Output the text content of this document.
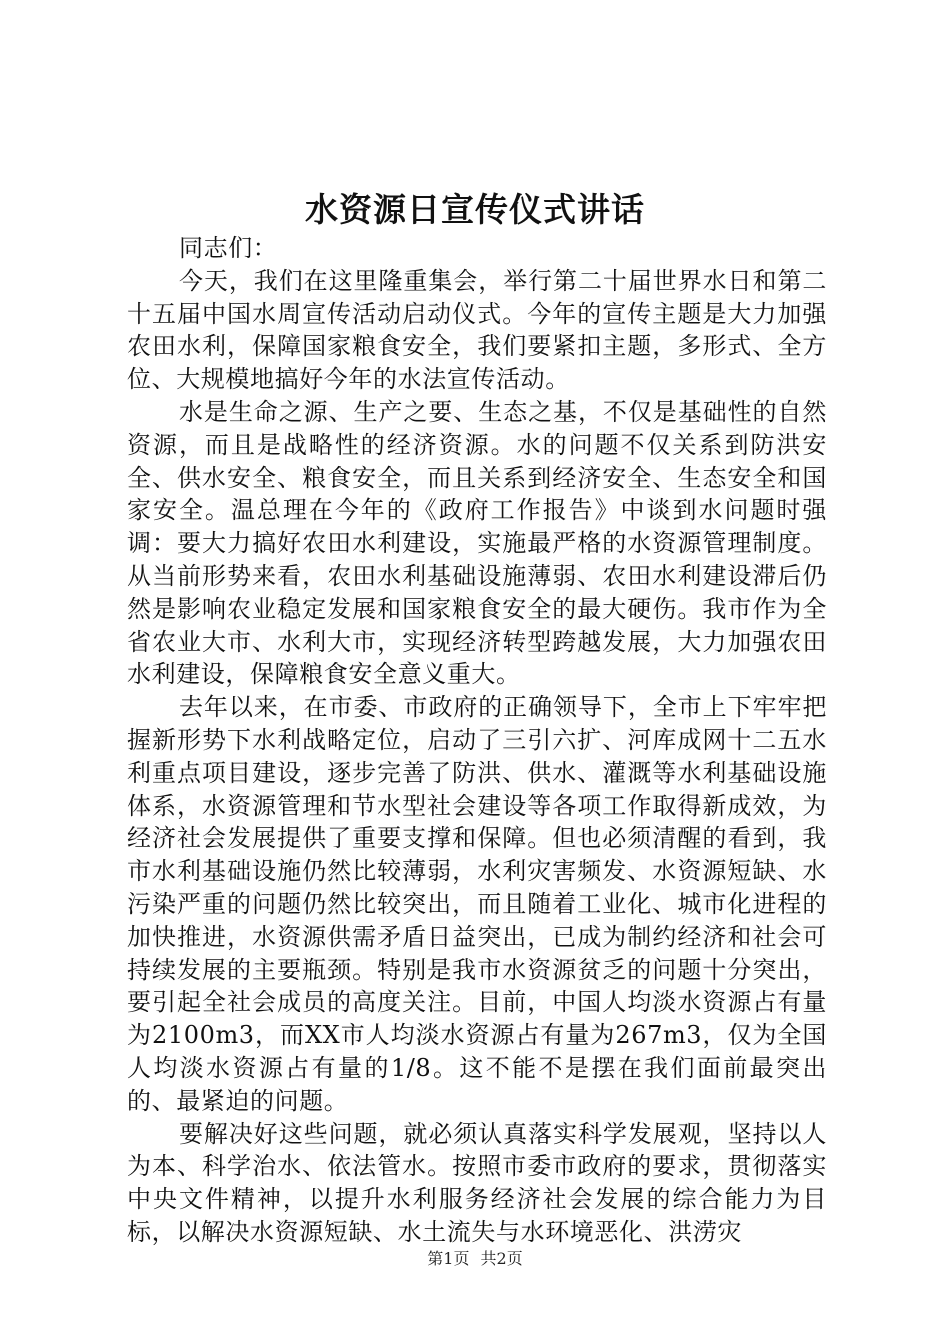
水资源日宣传仪式讲话

同志们：

今天，我们在这里隆重集会，举行第二十届世界水日和第二十五届中国水周宣传活动启动仪式。今年的宣传主题是大力加强农田水利，保障国家粮食安全，我们要紧扣主题，多形式、全方位、大规模地搞好今年的水法宣传活动。

水是生命之源、生产之要、生态之基，不仅是基础性的自然资源，而且是战略性的经济资源。水的问题不仅关系到防洪安全、供水安全、粮食安全，而且关系到经济安全、生态安全和国家安全。温总理在今年的《政府工作报告》中谈到水问题时强调：要大力搞好农田水利建设，实施最严格的水资源管理制度。从当前形势来看，农田水利基础设施薄弱、农田水利建设滞后仍然是影响农业稳定发展和国家粮食安全的最大硬伤。我市作为全省农业大市、水利大市，实现经济转型跨越发展，大力加强农田水利建设，保障粮食安全意义重大。

去年以来，在市委、市政府的正确领导下，全市上下牢牢把握新形势下水利战略定位，启动了三引六扩、河库成网十二五水利重点项目建设，逐步完善了防洪、供水、灌溉等水利基础设施体系，水资源管理和节水型社会建设等各项工作取得新成效，为经济社会发展提供了重要支撑和保障。但也必须清醒的看到，我市水利基础设施仍然比较薄弱，水利灾害频发、水资源短缺、水污染严重的问题仍然比较突出，而且随着工业化、城市化进程的加快推进，水资源供需矛盾日益突出，已成为制约经济和社会可持续发展的主要瓶颈。特别是我市水资源贫乏的问题十分突出，要引起全社会成员的高度关注。目前，中国人均淡水资源占有量为2100m3，而XX市人均淡水资源占有量为267m3，仅为全国人均淡水资源占有量的1/8。这不能不是摆在我们面前最突出的、最紧迫的问题。

要解决好这些问题，就必须认真落实科学发展观，坚持以人为本、科学治水、依法管水。按照市委市政府的要求，贯彻落实中央文件精神，以提升水利服务经济社会发展的综合能力为目标，以解决水资源短缺、水土流失与水环境恶化、洪涝灾

第1页 共2页
